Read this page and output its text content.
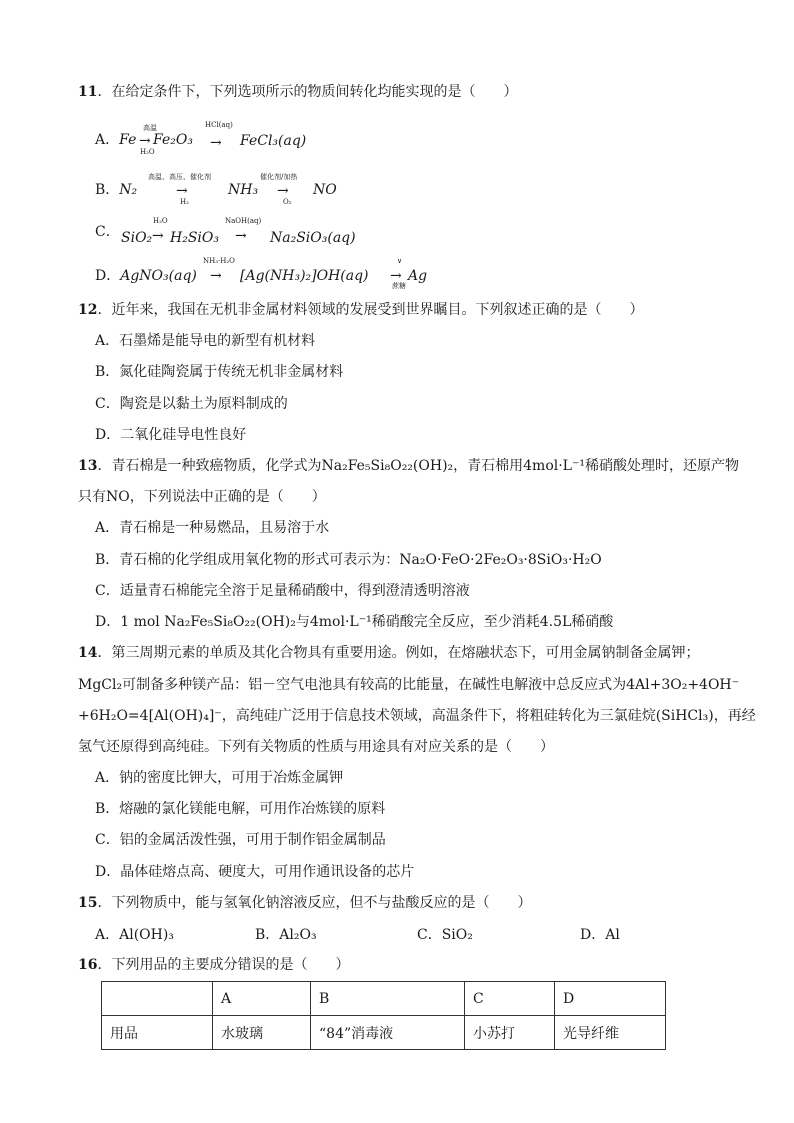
11．在给定条件下，下列选项所示的物质间转化均能实现的是（　　）
A．Fe
高温
→
H₂O
Fe₂O₃
HCl(aq)
→ FeCl₃(aq)
B．N₂
高温、高压、催化剂
→
H₂
NH₃
催化剂/加热
→
O₂
NO
C． SiO₂
H₂O
→ H₂SiO₃
NaOH(aq)
→ Na₂SiO₃(aq)
D．AgNO₃(aq)
NH₃·H₂O
→ [Ag(NH₃)₂]OH(aq)
∨
→
蔗糖
Ag
12．近年来，我国在无机非金属材料领域的发展受到世界瞩目。下列叙述正确的是（　　）
A．石墨烯是能导电的新型有机材料
B．氮化硅陶瓷属于传统无机非金属材料
C．陶瓷是以黏土为原料制成的
D．二氧化硅导电性良好
13．青石棉是一种致癌物质，化学式为Na₂Fe₅Si₈O₂₂(OH)₂，青石棉用4mol·L⁻¹稀硝酸处理时，还原产物
只有NO，下列说法中正确的是（　　）
A．青石棉是一种易燃品，且易溶于水
B．青石棉的化学组成用氧化物的形式可表示为：Na₂O·FeO·2Fe₂O₃·8SiO₃·H₂O
C．适量青石棉能完全溶于足量稀硝酸中，得到澄清透明溶液
D．1 mol Na₂Fe₅Si₈O₂₂(OH)₂与4mol·L⁻¹稀硝酸完全反应，至少消耗4.5L稀硝酸
14．第三周期元素的单质及其化合物具有重要用途。例如，在熔融状态下，可用金属钠制备金属钾；
MgCl₂可制备多种镁产品：铝－空气电池具有较高的比能量，在碱性电解液中总反应式为4Al+3O₂+4OH⁻
+6H₂O=4[Al(OH)₄]⁻，高纯硅广泛用于信息技术领域，高温条件下，将粗硅转化为三氯硅烷(SiHCl₃)，再经
氢气还原得到高纯硅。下列有关物质的性质与用途具有对应关系的是（　　）
A．钠的密度比钾大，可用于冶炼金属钾
B．熔融的氯化镁能电解，可用作冶炼镁的原料
C．铝的金属活泼性强，可用于制作铝金属制品
D．晶体硅熔点高、硬度大，可用作通讯设备的芯片
15．下列物质中，能与氢氧化钠溶液反应，但不与盐酸反应的是（　　）
A．Al(OH)₃	B．Al₂O₃	C．SiO₂	D．Al
16．下列用品的主要成分错误的是（　　）
	A	B	C	D
用品	水玻璃	“84”消毒液	小苏打	光导纤维
